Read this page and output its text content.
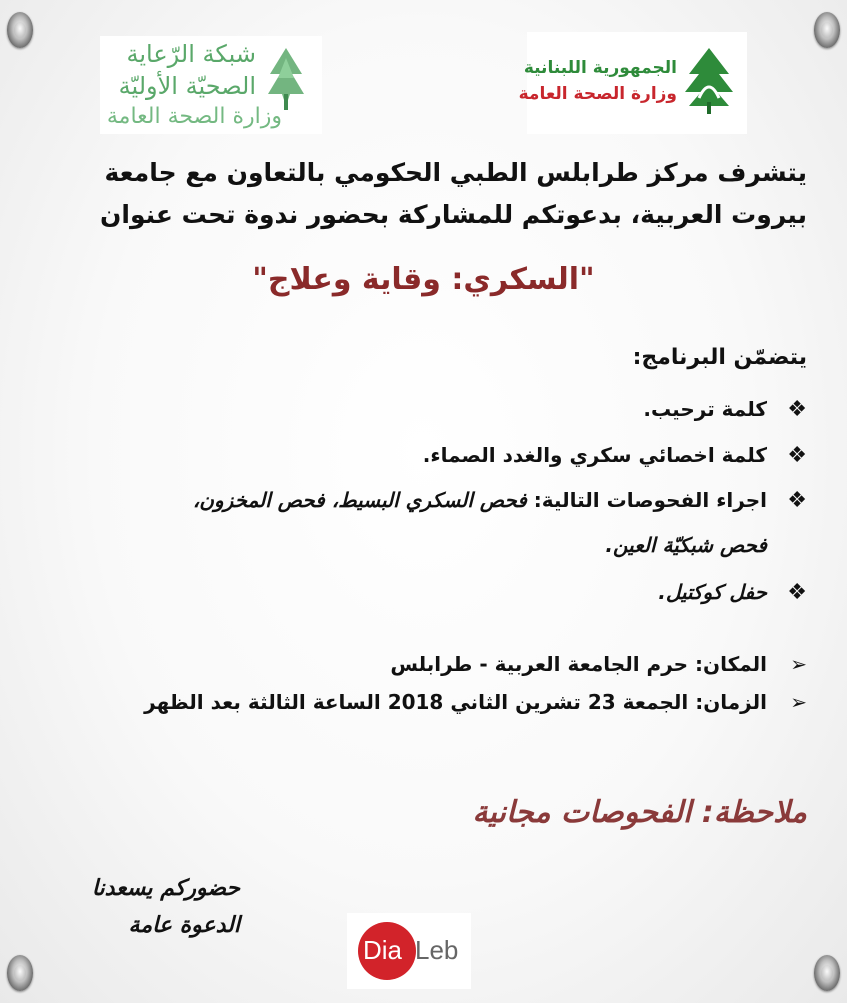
شبكة الرّعاية
الصحيّة الأوليّة
وزارة الصحة العامة
الجمهورية اللبنانية
وزارة الصحة العامة
يتشرف مركز طرابلس الطبي الحكومي بالتعاون مع جامعة
بيروت العربية، بدعوتكم للمشاركة بحضور ندوة تحت عنوان
"السكري: وقاية وعلاج"
يتضمّن البرنامج:
❖كلمة ترحيب.
❖كلمة اخصائي سكري والغدد الصماء.
❖اجراء الفحوصات التالية: فحص السكري البسيط، فحص المخزون،
فحص شبكيّة العين.
❖حفل كوكتيل.
➢المكان: حرم الجامعة العربية - طرابلس
➢الزمان: الجمعة 23 تشرين الثاني 2018 الساعة الثالثة بعد الظهر
ملاحظة: الفحوصات مجانية
حضوركم يسعدنا
الدعوة عامة
Dia Leb
